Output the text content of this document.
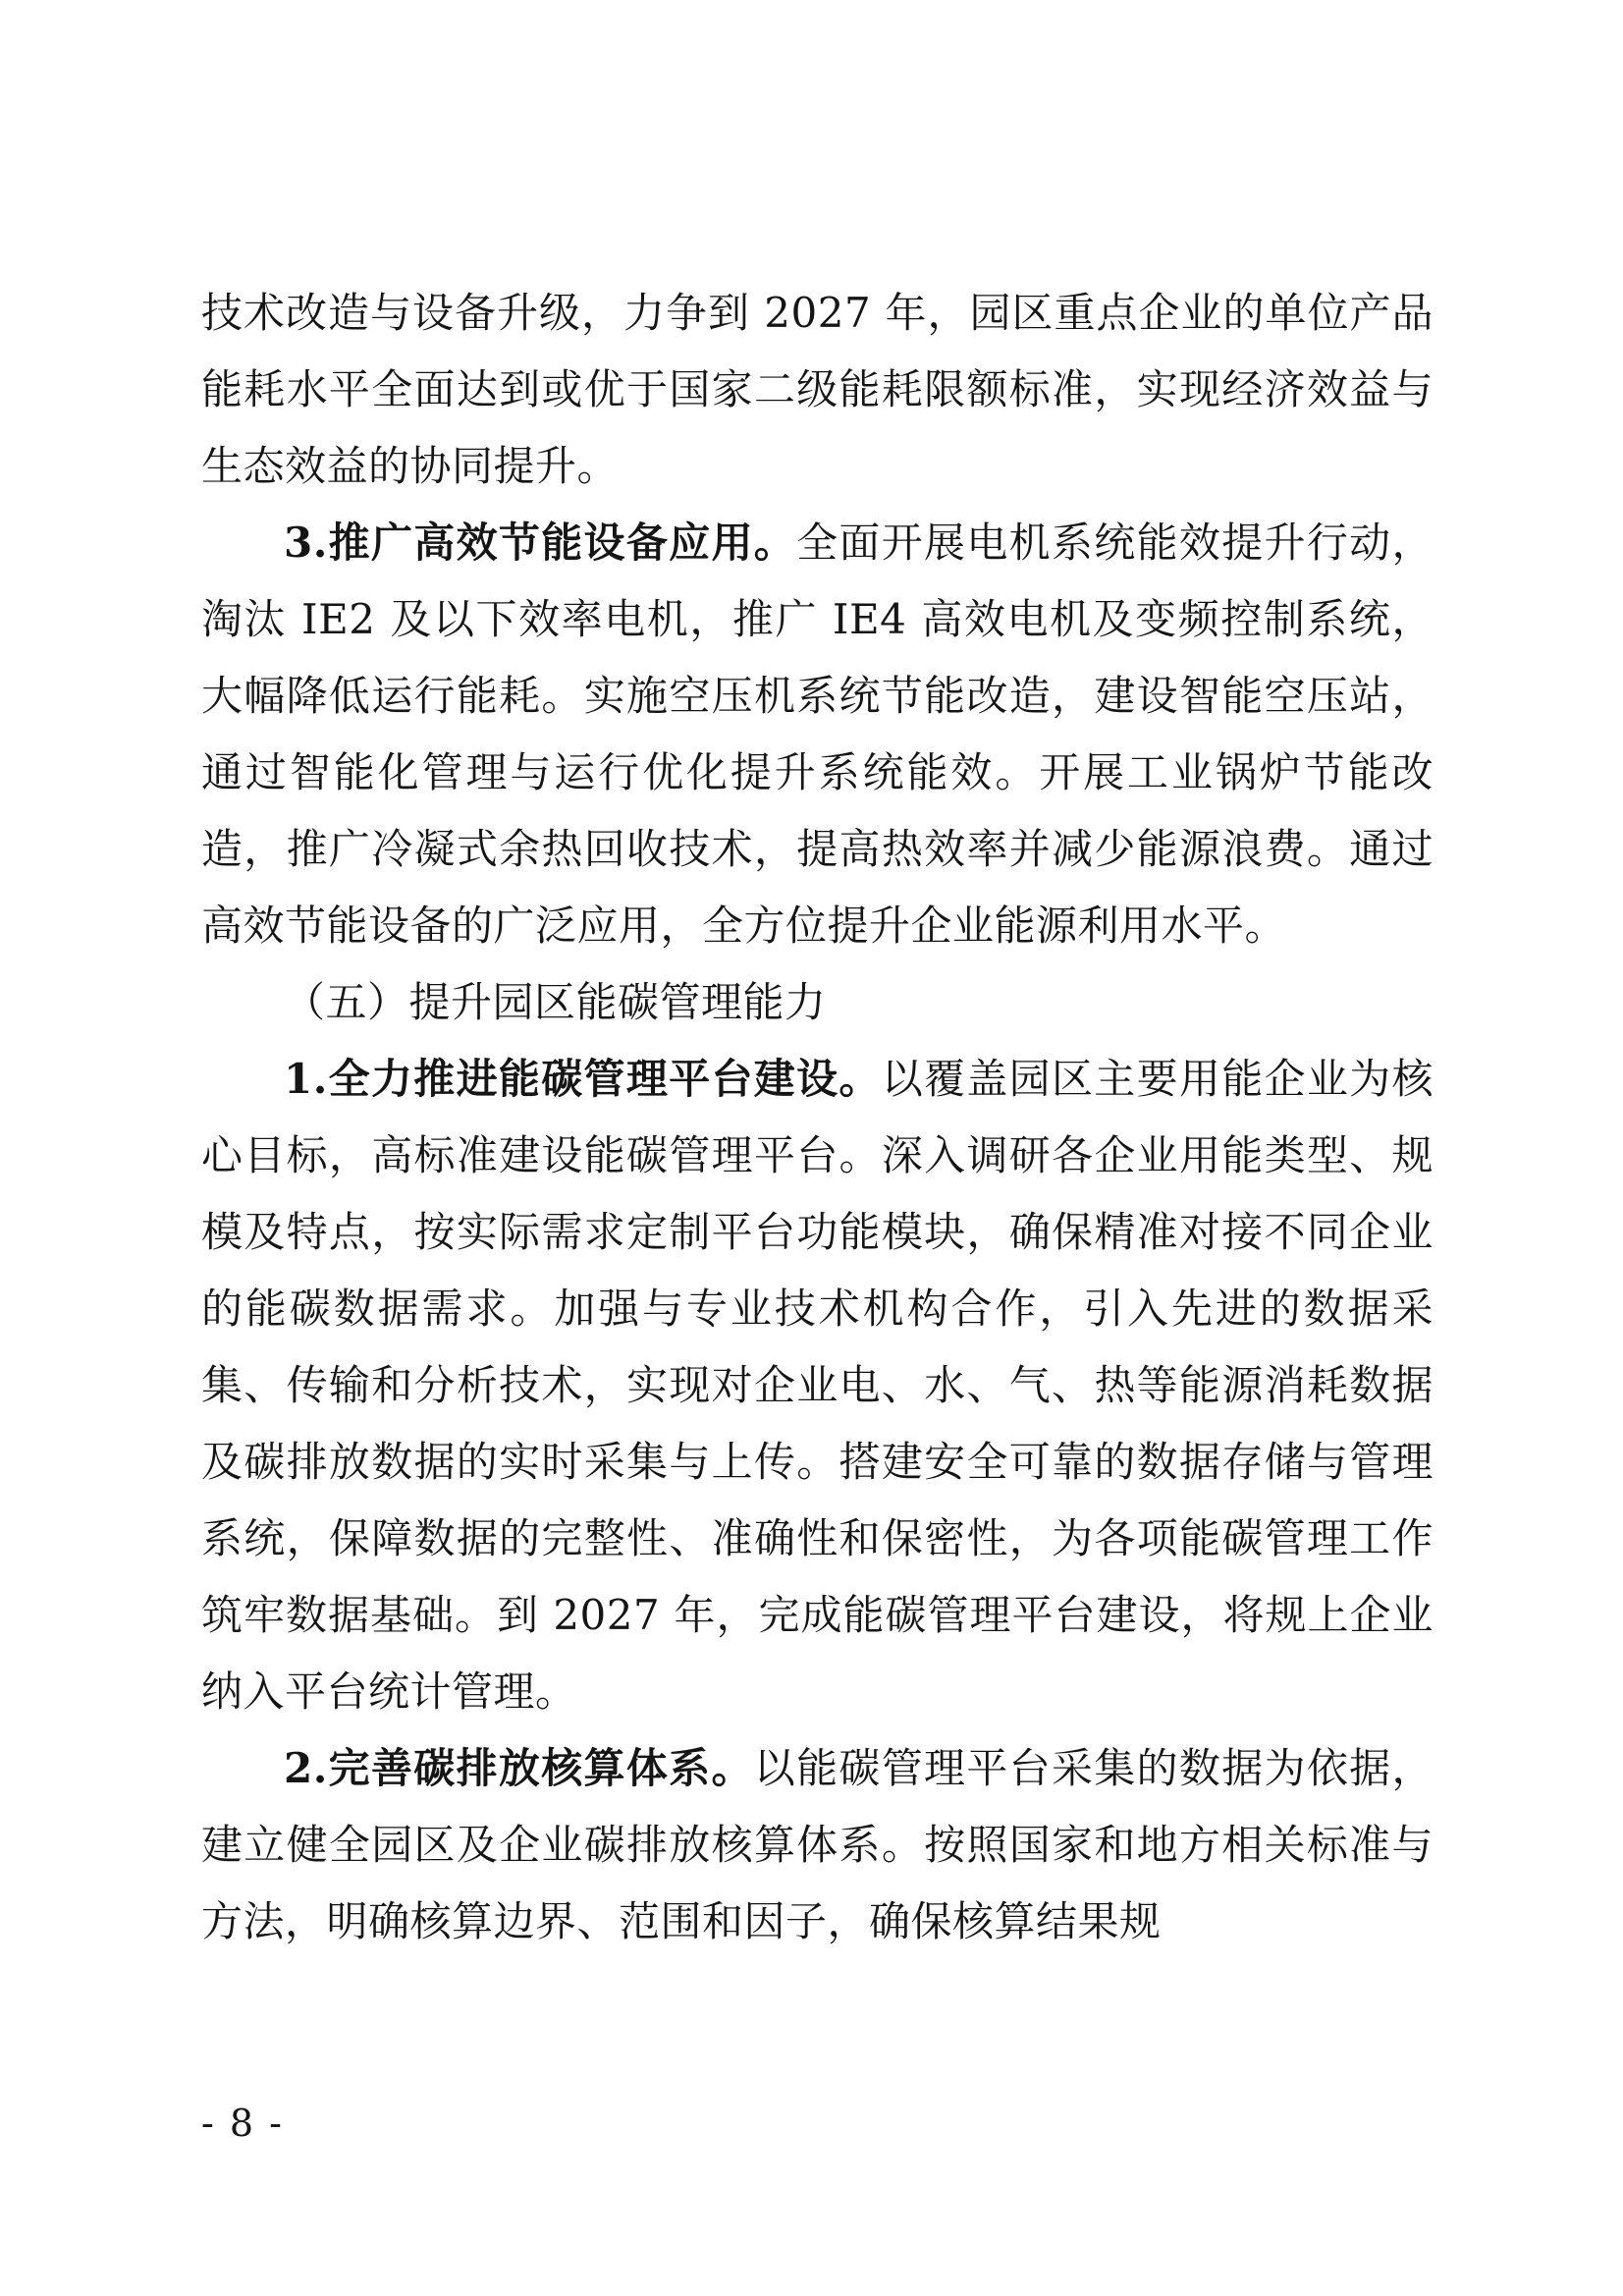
技术改造与设备升级，力争到 2027 年，园区重点企业的单位产品能耗水平全面达到或优于国家二级能耗限额标准，实现经济效益与生态效益的协同提升。

3.推广高效节能设备应用。全面开展电机系统能效提升行动，淘汰 IE2 及以下效率电机，推广 IE4 高效电机及变频控制系统，大幅降低运行能耗。实施空压机系统节能改造，建设智能空压站，通过智能化管理与运行优化提升系统能效。开展工业锅炉节能改造，推广冷凝式余热回收技术，提高热效率并减少能源浪费。通过高效节能设备的广泛应用，全方位提升企业能源利用水平。

（五）提升园区能碳管理能力

1.全力推进能碳管理平台建设。以覆盖园区主要用能企业为核心目标，高标准建设能碳管理平台。深入调研各企业用能类型、规模及特点，按实际需求定制平台功能模块，确保精准对接不同企业的能碳数据需求。加强与专业技术机构合作，引入先进的数据采集、传输和分析技术，实现对企业电、水、气、热等能源消耗数据及碳排放数据的实时采集与上传。搭建安全可靠的数据存储与管理系统，保障数据的完整性、准确性和保密性，为各项能碳管理工作筑牢数据基础。到 2027 年，完成能碳管理平台建设，将规上企业纳入平台统计管理。

2.完善碳排放核算体系。以能碳管理平台采集的数据为依据，建立健全园区及企业碳排放核算体系。按照国家和地方相关标准与方法，明确核算边界、范围和因子，确保核算结果规

- 8 -
